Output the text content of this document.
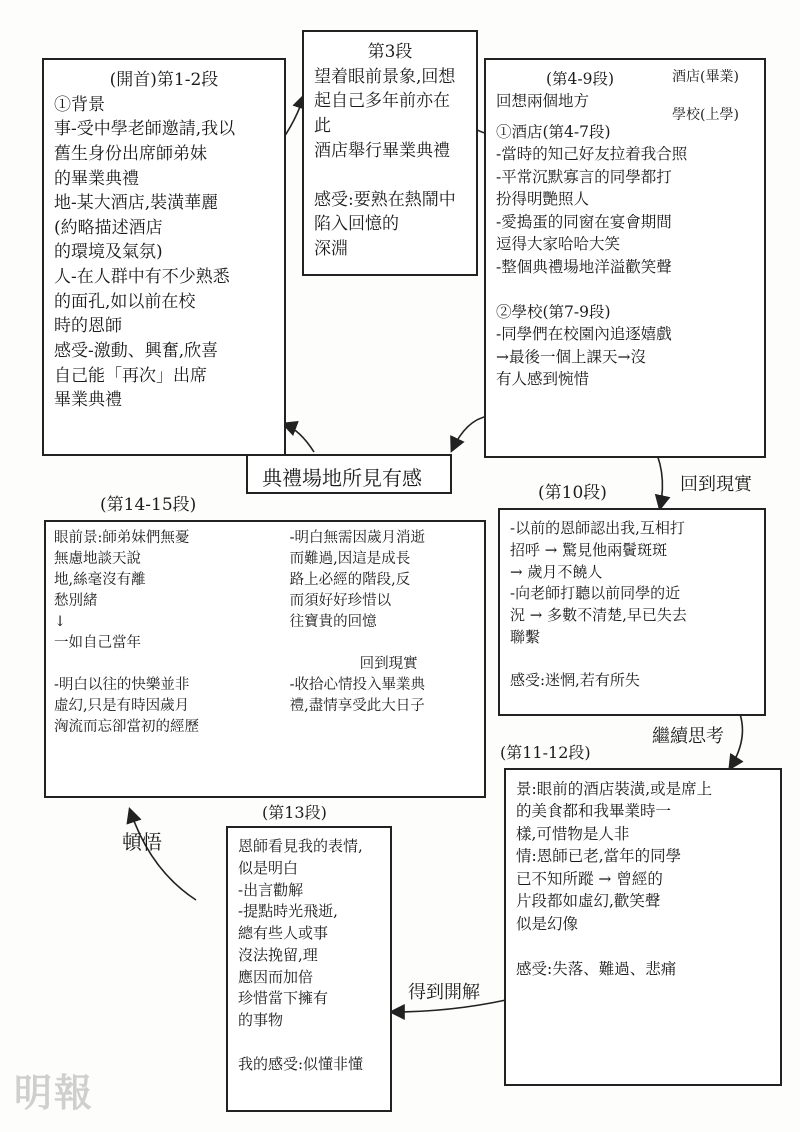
(開首)第1-2段
①背景
事-受中學老師邀請,我以
舊生身份出席師弟妹
的畢業典禮
地-某大酒店,裝潢華麗
(約略描述酒店
的環境及氣氛)
人-在人群中有不少熟悉
的面孔,如以前在校
時的恩師
感受-激動、興奮,欣喜
自己能「再次」出席
畢業典禮
第3段
望着眼前景象,回想
起自己多年前亦在此
酒店舉行畢業典禮

感受:要熟在熱鬧中
陷入回憶的
深淵
(第4-9段)
回想兩個地方
①酒店(第4-7段)
-當時的知己好友拉着我合照
-平常沉默寡言的同學都打
扮得明艷照人
-愛搗蛋的同窗在宴會期間
逗得大家哈哈大笑
-整個典禮場地洋溢歡笑聲

②學校(第7-9段)
-同學們在校園內追逐嬉戲
→最後一個上課天→沒
有人感到惋惜
酒店(畢業)
學校(上學)
典禮場地所見有感
(第10段)	回到現實
-以前的恩師認出我,互相打
招呼 → 驚見他兩鬢斑斑
→ 歲月不饒人
-向老師打聽以前同學的近
況 → 多數不清楚,早已失去
聯繫

感受:迷惘,若有所失
繼續思考
(第11-12段)
景:眼前的酒店裝潢,或是席上
的美食都和我畢業時一
樣,可惜物是人非
情:恩師已老,當年的同學
已不知所蹤 → 曾經的
片段都如虛幻,歡笑聲
似是幻像

感受:失落、難過、悲痛
得到開解
(第13段)
恩師看見我的表情,
似是明白
-出言勸解
-提點時光飛逝,
總有些人或事
沒法挽留,理
應因而加倍
珍惜當下擁有
的事物

我的感受:似懂非懂
頓悟
(第14-15段)
眼前景:師弟妹們無憂
無慮地談天說
地,絲毫沒有離
愁別緒
↓
一如自己當年

-明白以往的快樂並非
虛幻,只是有時因歲月
洶流而忘卻當初的經歷
-明白無需因歲月消逝
而難過,因這是成長
路上必經的階段,反
而須好好珍惜以
往寶貴的回憶

回到現實
-收拾心情投入畢業典
禮,盡情享受此大日子
明報
